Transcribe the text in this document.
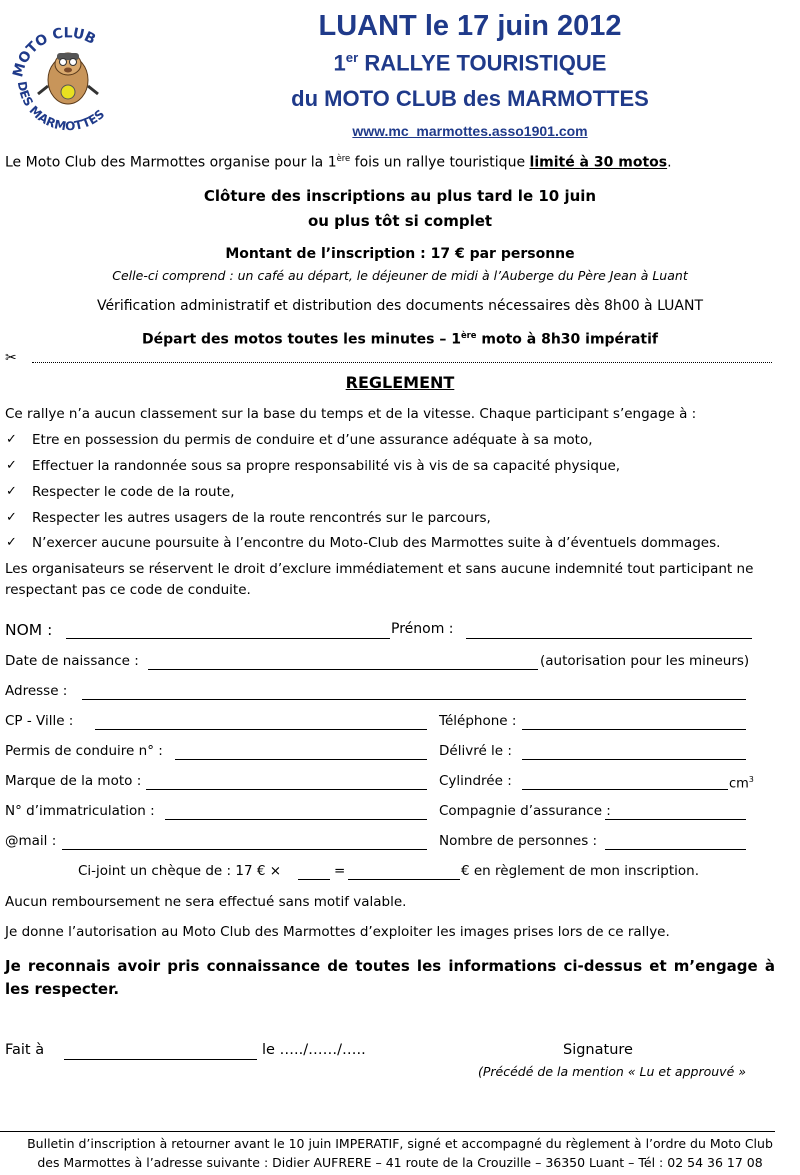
MOTO CLUB
DES MARMOTTES
LUANT le 17 juin 2012
1er RALLYE TOURISTIQUE
du MOTO CLUB des MARMOTTES
www.mc_marmottes.asso1901.com
Le Moto Club des Marmottes organise pour la 1ère fois un rallye touristique limité à 30 motos.
Clôture des inscriptions au plus tard le 10 juin
ou plus tôt si complet
Montant de l’inscription : 17 € par personne
Celle-ci comprend : un café au départ, le déjeuner de midi à l’Auberge du Père Jean à Luant
Vérification administratif et distribution des documents nécessaires dès 8h00 à LUANT
Départ des motos toutes les minutes – 1ère moto à 8h30 impératif
✂
REGLEMENT
Ce rallye n’a aucun classement sur la base du temps et de la vitesse. Chaque participant s’engage à :
✓ Etre en possession du permis de conduire et d’une assurance adéquate à sa moto,
✓ Effectuer la randonnée sous sa propre responsabilité vis à vis de sa capacité physique,
✓ Respecter le code de la route,
✓ Respecter les autres usagers de la route rencontrés sur le parcours,
✓ N’exercer aucune poursuite à l’encontre du Moto-Club des Marmottes suite à d’éventuels dommages.
Les organisateurs se réservent le droit d’exclure immédiatement et sans aucune indemnité tout participant ne respectant pas ce code de conduite.
NOM :	Prénom :
Date de naissance :	(autorisation pour les mineurs)
Adresse :
CP - Ville :	Téléphone :
Permis de conduire n° :	Délivré le :
Marque de la moto :	Cylindrée :	$cm^3$
N° d’immatriculation :	Compagnie d’assurance :
@mail :	Nombre de personnes :
Ci-joint un chèque de : 17 € ×	=	€ en règlement de mon inscription.
Aucun remboursement ne sera effectué sans motif valable.
Je donne l’autorisation au Moto Club des Marmottes d’exploiter les images prises lors de ce rallye.
Je reconnais avoir pris connaissance de toutes les informations ci-dessus et m’engage à les respecter.
Fait à	le …../……/…..	Signature
(Précédé de la mention « Lu et approuvé »
Bulletin d’inscription à retourner avant le 10 juin IMPERATIF, signé et accompagné du règlement à l’ordre du Moto Club
des Marmottes à l’adresse suivante : Didier AUFRERE – 41 route de la Crouzille – 36350 Luant – Tél : 02 54 36 17 08
